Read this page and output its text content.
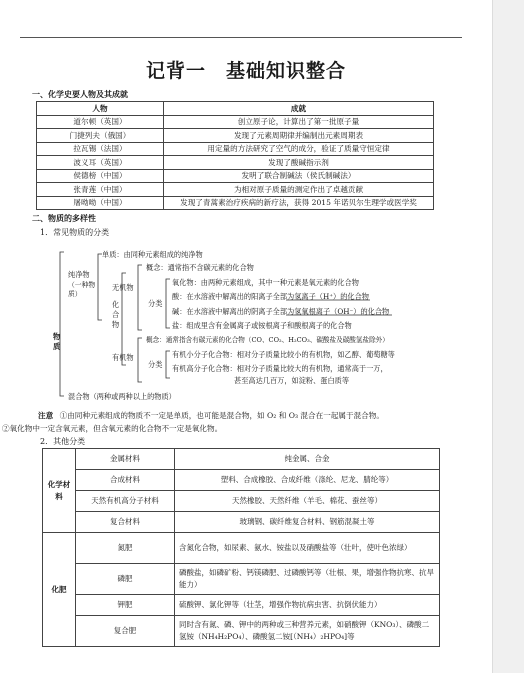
记背一　基础知识整合
一、化学史要人物及其成就
人物	成就
道尔顿（英国）	创立原子论，计算出了第一批原子量
门捷列夫（俄国）	发现了元素周期律并编制出元素周期表
拉瓦锡（法国）	用定量的方法研究了空气的成分，验证了质量守恒定律
波义耳（英国）	发现了酸碱指示剂
侯德榜（中国）	发明了联合制碱法（侯氏制碱法）
张青莲（中国）	为相对原子质量的测定作出了卓越贡献
屠呦呦（中国）	发现了青蒿素治疗疾病的新疗法，获得 2015 年诺贝尔生理学或医学奖
二、物质的多样性
1．常见物质的分类
物质
纯净物
（一种物质）
单质：由同种元素组成的纯净物
化合物
无机物
概念：通常指不含碳元素的化合物
分类
氧化物：由两种元素组成，其中一种元素是氧元素的化合物
酸：在水溶液中解离出的阳离子全部为氢离子（H⁺）的化合物
碱：在水溶液中解离出的阴离子全部为氢氧根离子（OH⁻）的化合物
盐：组成里含有金属离子或铵根离子和酸根离子的化合物
有机物
概念：通常指含有碳元素的化合物（CO、CO₂、H₂CO₃、碳酸盐及碳酸氢盐除外）
分类
有机小分子化合物：相对分子质量比较小的有机物，如乙醇、葡萄糖等
有机高分子化合物：相对分子质量比较大的有机物，通常高于一万，
甚至高达几百万，如淀粉、蛋白质等
混合物（两种或两种以上的物质）
注意 ①由同种元素组成的物质不一定是单质，也可能是混合物，如 O₂ 和 O₃ 混合在一起属于混合物。
②氧化物中一定含氧元素，但含氧元素的化合物不一定是氧化物。
2．其他分类
化学材料	金属材料	纯金属、合金
	合成材料	塑料、合成橡胶、合成纤维（涤纶、尼龙、腈纶等）
	天然有机高分子材料	天然橡胶、天然纤维（羊毛、棉花、蚕丝等）
	复合材料	玻璃钢、碳纤维复合材料、钢筋混凝土等
化肥	氮肥	含氮化合物，如尿素、氨水、铵盐以及硝酸盐等（壮叶，使叶色浓绿）
	磷肥	磷酸盐，如磷矿粉、钙镁磷肥、过磷酸钙等（壮根、果，增强作物抗寒、抗旱能力）
	钾肥	硫酸钾、氯化钾等（壮茎，增强作物抗病虫害、抗倒伏能力）
	复合肥	同时含有氮、磷、钾中的两种或三种营养元素，如硝酸钾（KNO₃）、磷酸二氢铵（NH₄H₂PO₄）、磷酸氢二铵[（NH₄）₂HPO₄]等
